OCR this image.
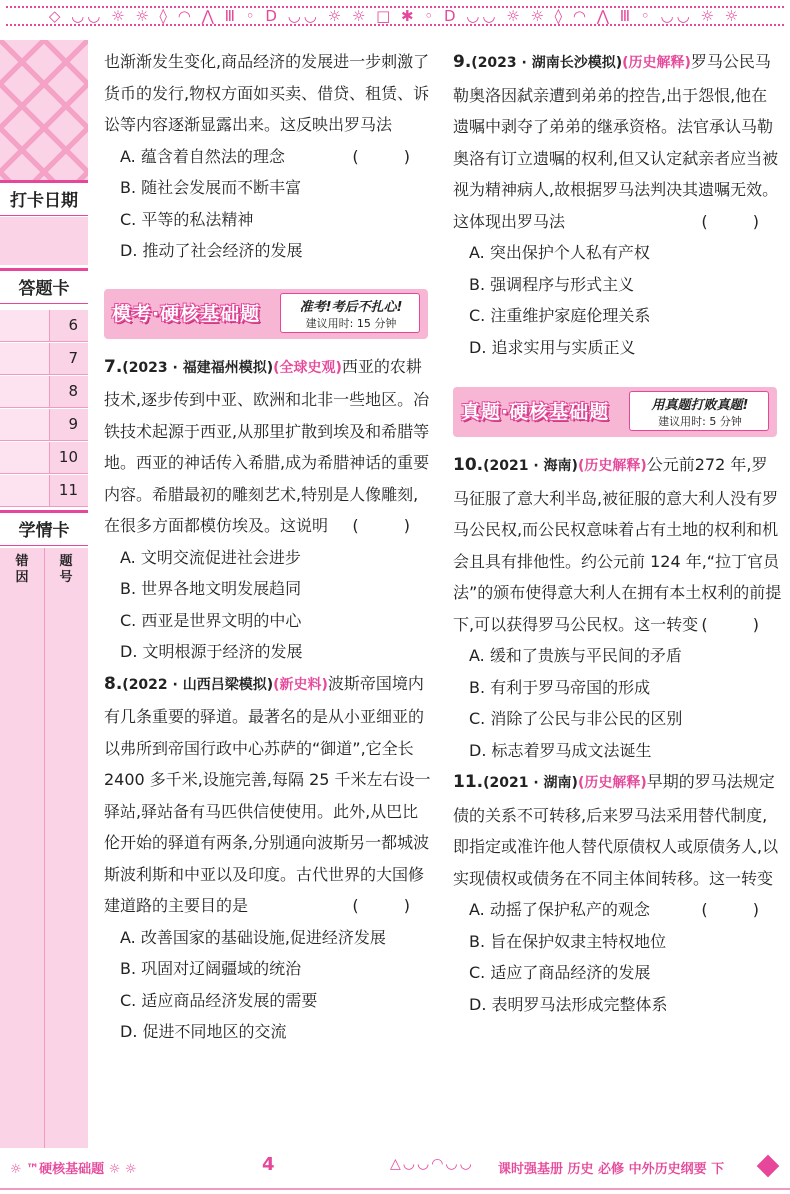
◇ ◡◡ ☼ ☼ ◊ ◠ ⋀ Ⅲ ◦ Ⅾ ◡◡ ☼ ☼ □ ✱ ◦ Ⅾ ◡◡ ☼ ☼ ◊ ◠ ⋀ Ⅲ ◦ ◡◡ ☼ ☼
打卡日期
答题卡
6
7
8
9
10
11
学情卡
错因
题号
也渐渐发生变化,商品经济的发展进一步刺激了货币的发行,物权方面如买卖、借贷、租赁、诉讼等内容逐渐显露出来。这反映出罗马法
( )
A. 蕴含着自然法的理念
B. 随社会发展而不断丰富
C. 平等的私法精神
D. 推动了社会经济的发展
模考·硬核基础题	准考!考后不扎心!
建议用时: 15 分钟
7.(2023 · 福建福州模拟)(全球史观)西亚的农耕技术,逐步传到中亚、欧洲和北非一些地区。冶铁技术起源于西亚,从那里扩散到埃及和希腊等地。西亚的神话传入希腊,成为希腊神话的重要内容。希腊最初的雕刻艺术,特别是人像雕刻,在很多方面都模仿埃及。这说明 ( )
A. 文明交流促进社会进步
B. 世界各地文明发展趋同
C. 西亚是世界文明的中心
D. 文明根源于经济的发展
8.(2022 · 山西吕梁模拟)(新史料)波斯帝国境内有几条重要的驿道。最著名的是从小亚细亚的以弗所到帝国行政中心苏萨的“御道”,它全长 2400 多千米,设施完善,每隔 25 千米左右设一驿站,驿站备有马匹供信使使用。此外,从巴比伦开始的驿道有两条,分别通向波斯另一都城波斯波利斯和中亚以及印度。古代世界的大国修建道路的主要目的是	( )
A. 改善国家的基础设施,促进经济发展
B. 巩固对辽阔疆域的统治
C. 适应商品经济发展的需要
D. 促进不同地区的交流
9.(2023 · 湖南长沙模拟)(历史解释)罗马公民马勒奥洛因弑亲遭到弟弟的控告,出于怨恨,他在遗嘱中剥夺了弟弟的继承资格。法官承认马勒奥洛有订立遗嘱的权利,但又认定弑亲者应当被视为精神病人,故根据罗马法判决其遗嘱无效。这体现出罗马法	( )
A. 突出保护个人私有产权
B. 强调程序与形式主义
C. 注重维护家庭伦理关系
D. 追求实用与实质正义
真题·硬核基础题	用真题打败真题!
建议用时: 5 分钟
10.(2021 · 海南)(历史解释)公元前272 年,罗马征服了意大利半岛,被征服的意大利人没有罗马公民权,而公民权意味着占有土地的权利和机会且具有排他性。约公元前 124 年,“拉丁官员法”的颁布使得意大利人在拥有本土权利的前提下,可以获得罗马公民权。这一转变 ( )
A. 缓和了贵族与平民间的矛盾
B. 有利于罗马帝国的形成
C. 消除了公民与非公民的区别
D. 标志着罗马成文法诞生
11.(2021 · 湖南)(历史解释)早期的罗马法规定债的关系不可转移,后来罗马法采用替代制度,即指定或准许他人替代原债权人或原债务人,以实现债权或债务在不同主体间转移。这一转变
( )
A. 动摇了保护私产的观念
B. 旨在保护奴隶主特权地位
C. 适应了商品经济的发展
D. 表明罗马法形成完整体系
☼ ™硬核基础题 ☼ ☼	4	△◡◡◠◡◡ 课时强基册 历史 必修 中外历史纲要 下
